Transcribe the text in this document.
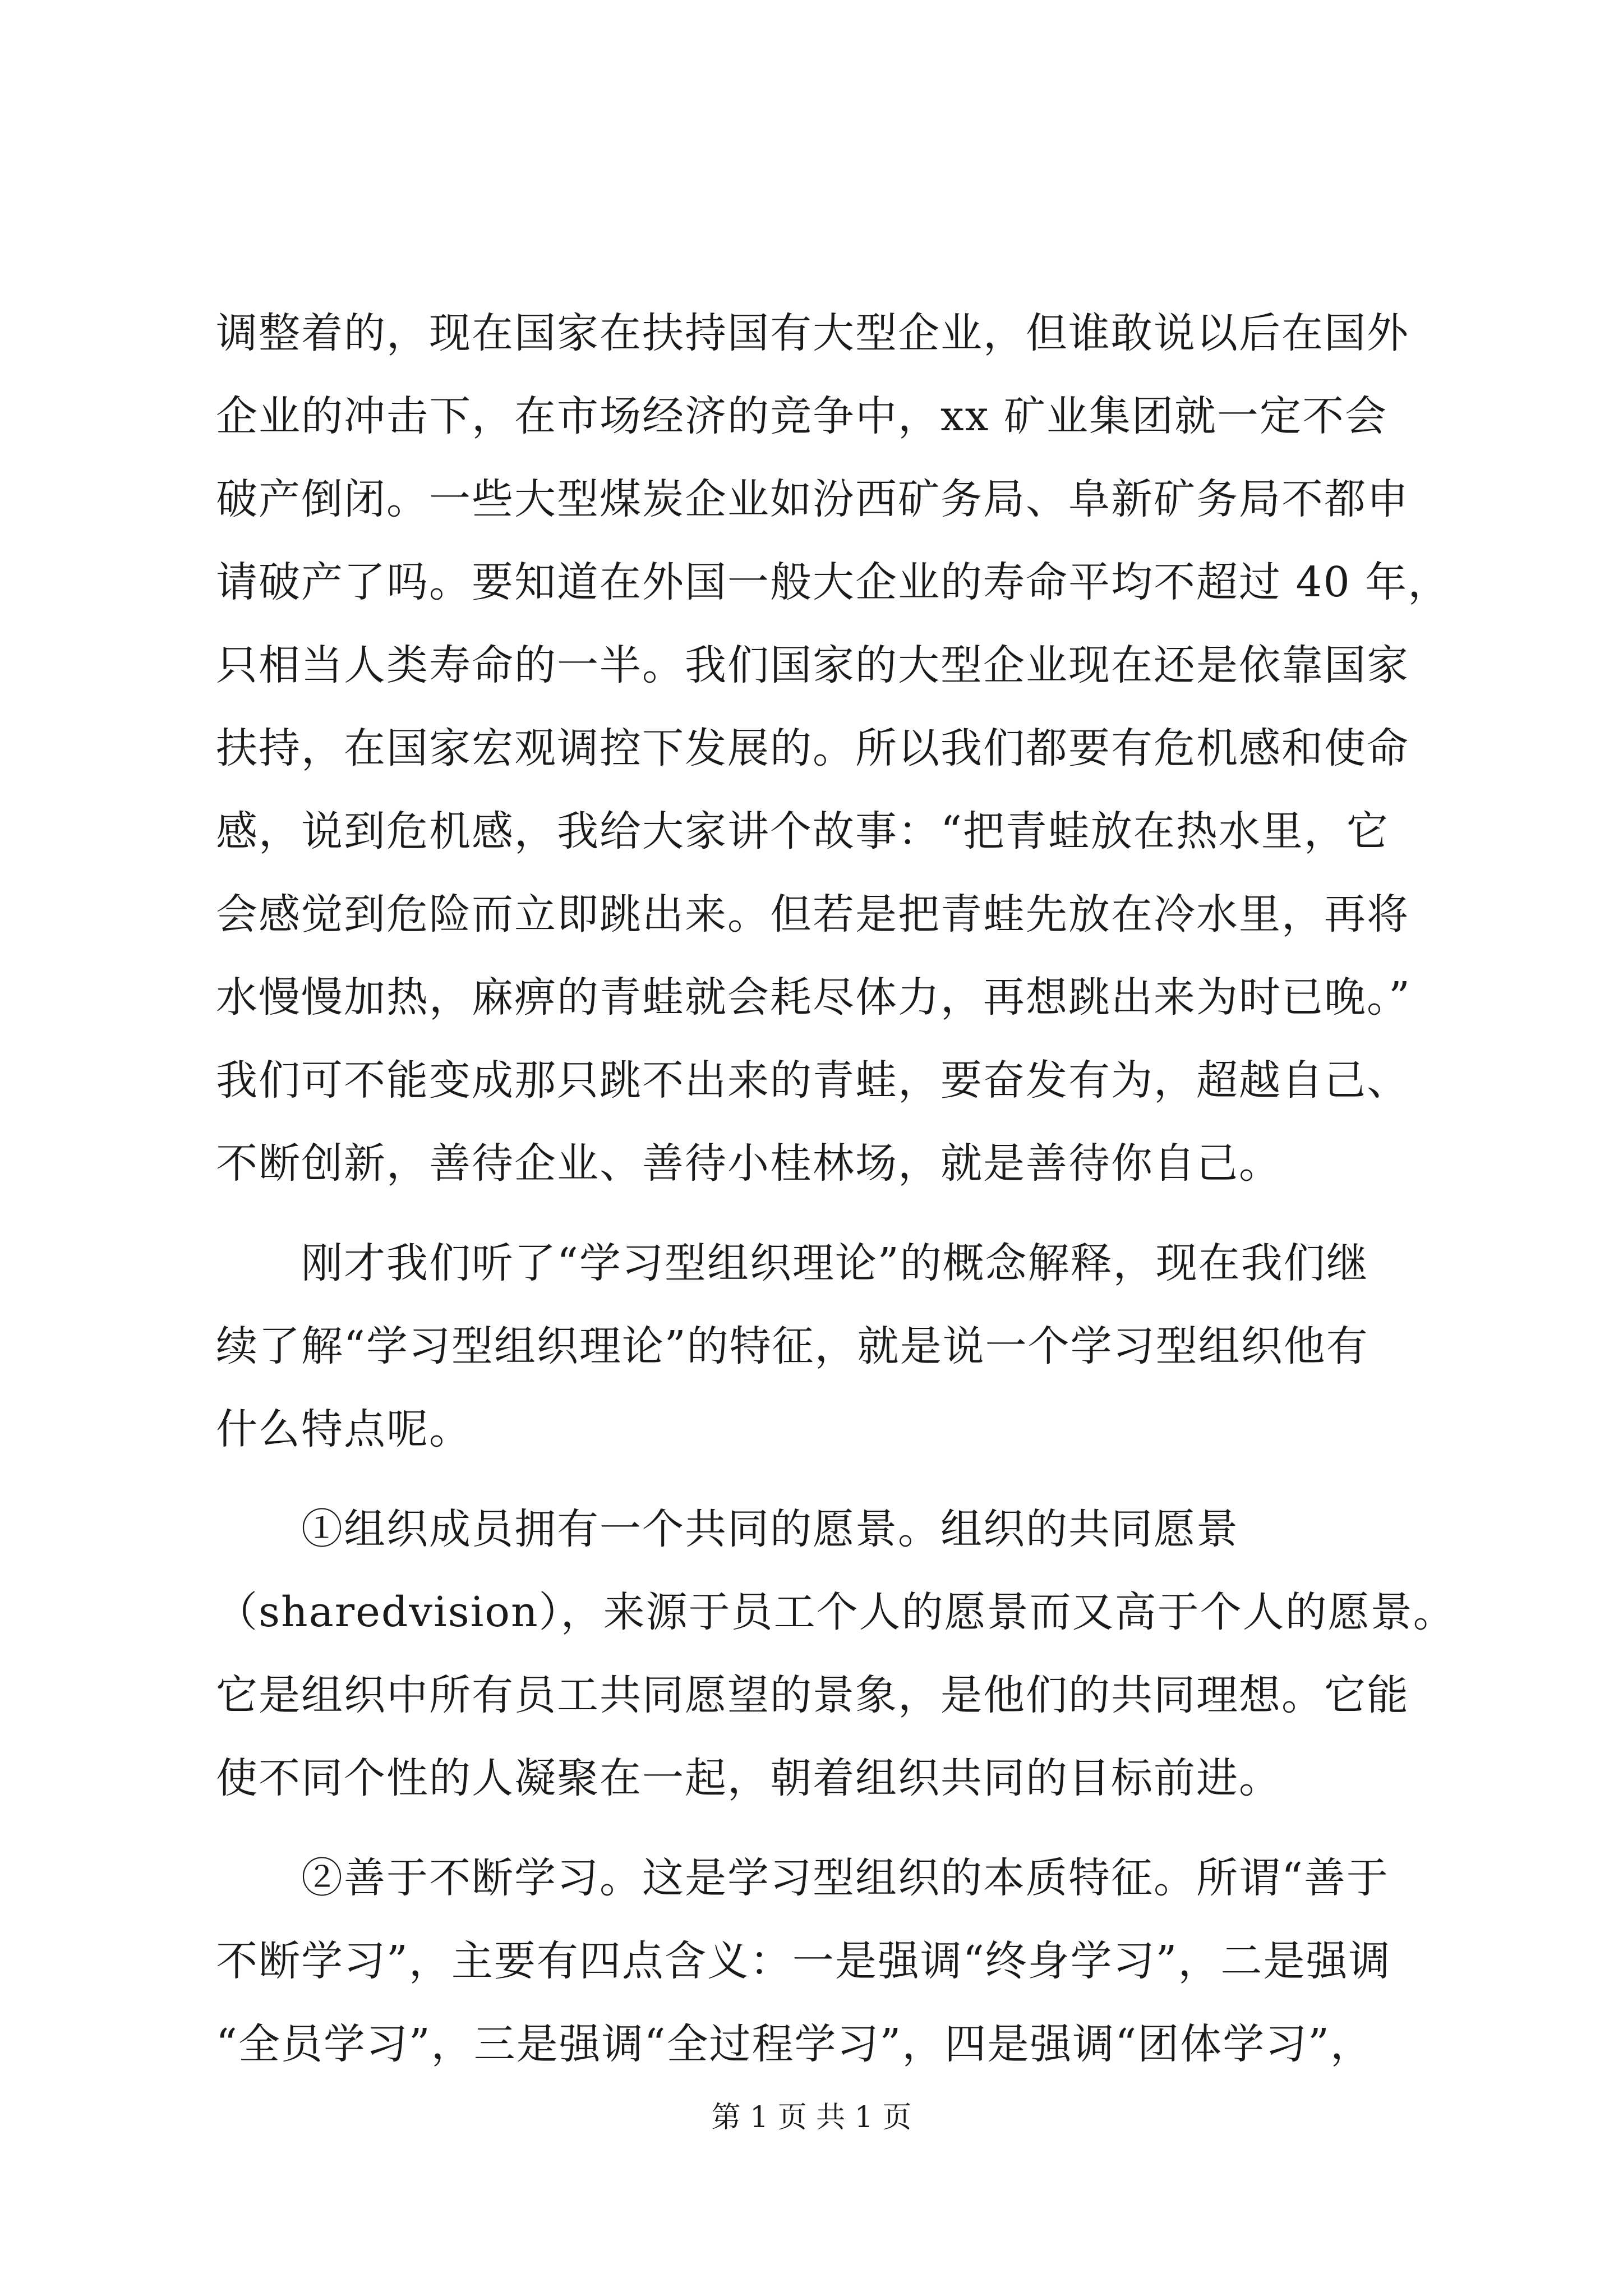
调整着的，现在国家在扶持国有大型企业，但谁敢说以后在国外
企业的冲击下，在市场经济的竞争中，xx 矿业集团就一定不会
破产倒闭。一些大型煤炭企业如汾西矿务局、阜新矿务局不都申
请破产了吗。要知道在外国一般大企业的寿命平均不超过 40 年，
只相当人类寿命的一半。我们国家的大型企业现在还是依靠国家
扶持，在国家宏观调控下发展的。所以我们都要有危机感和使命
感，说到危机感，我给大家讲个故事：“把青蛙放在热水里，它
会感觉到危险而立即跳出来。但若是把青蛙先放在冷水里，再将
水慢慢加热，麻痹的青蛙就会耗尽体力，再想跳出来为时已晚。”
我们可不能变成那只跳不出来的青蛙，要奋发有为，超越自己、
不断创新，善待企业、善待小桂林场，就是善待你自己。
　　刚才我们听了“学习型组织理论”的概念解释，现在我们继
续了解“学习型组织理论”的特征，就是说一个学习型组织他有
什么特点呢。
　　①组织成员拥有一个共同的愿景。组织的共同愿景
（sharedvision），来源于员工个人的愿景而又高于个人的愿景。
它是组织中所有员工共同愿望的景象，是他们的共同理想。它能
使不同个性的人凝聚在一起，朝着组织共同的目标前进。
　　②善于不断学习。这是学习型组织的本质特征。所谓“善于
不断学习”，主要有四点含义：一是强调“终身学习”，二是强调
“全员学习”，三是强调“全过程学习”，四是强调“团体学习”，
第 1 页 共 1 页
